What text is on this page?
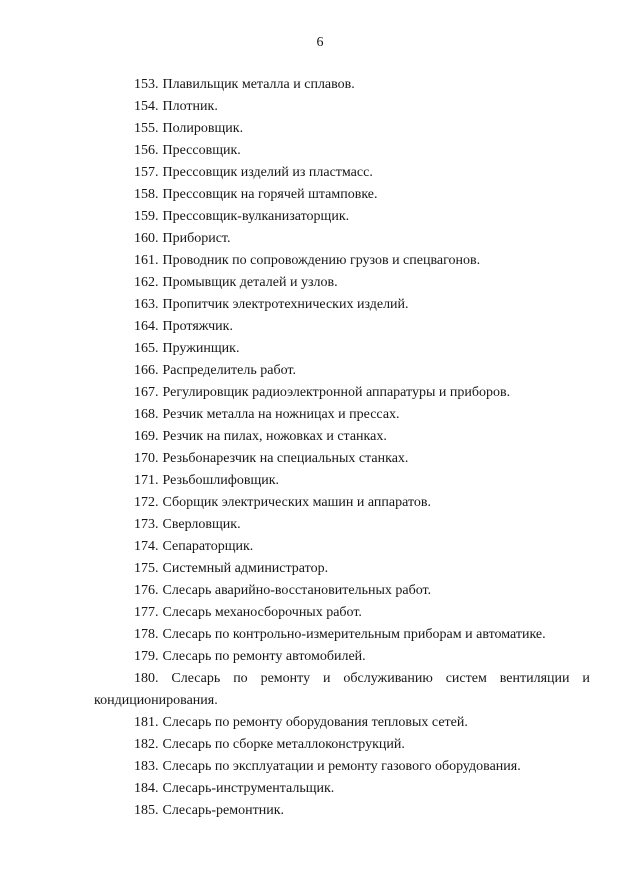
6
153. Плавильщик металла и сплавов.
154. Плотник.
155. Полировщик.
156. Прессовщик.
157. Прессовщик изделий из пластмасс.
158. Прессовщик на горячей штамповке.
159. Прессовщик-вулканизаторщик.
160. Приборист.
161. Проводник по сопровождению грузов и спецвагонов.
162. Промывщик деталей и узлов.
163. Пропитчик электротехнических изделий.
164. Протяжчик.
165. Пружинщик.
166. Распределитель работ.
167. Регулировщик радиоэлектронной аппаратуры и приборов.
168. Резчик металла на ножницах и прессах.
169. Резчик на пилах, ножовках и станках.
170. Резьбонарезчик на специальных станках.
171. Резьбошлифовщик.
172. Сборщик электрических машин и аппаратов.
173. Сверловщик.
174. Сепараторщик.
175. Системный администратор.
176. Слесарь аварийно-восстановительных работ.
177. Слесарь механосборочных работ.
178. Слесарь по контрольно-измерительным приборам и автоматике.
179. Слесарь по ремонту автомобилей.
180. Слесарь по ремонту и обслуживанию систем вентиляции и
кондиционирования.
181. Слесарь по ремонту оборудования тепловых сетей.
182. Слесарь по сборке металлоконструкций.
183. Слесарь по эксплуатации и ремонту газового оборудования.
184. Слесарь-инструментальщик.
185. Слесарь-ремонтник.
